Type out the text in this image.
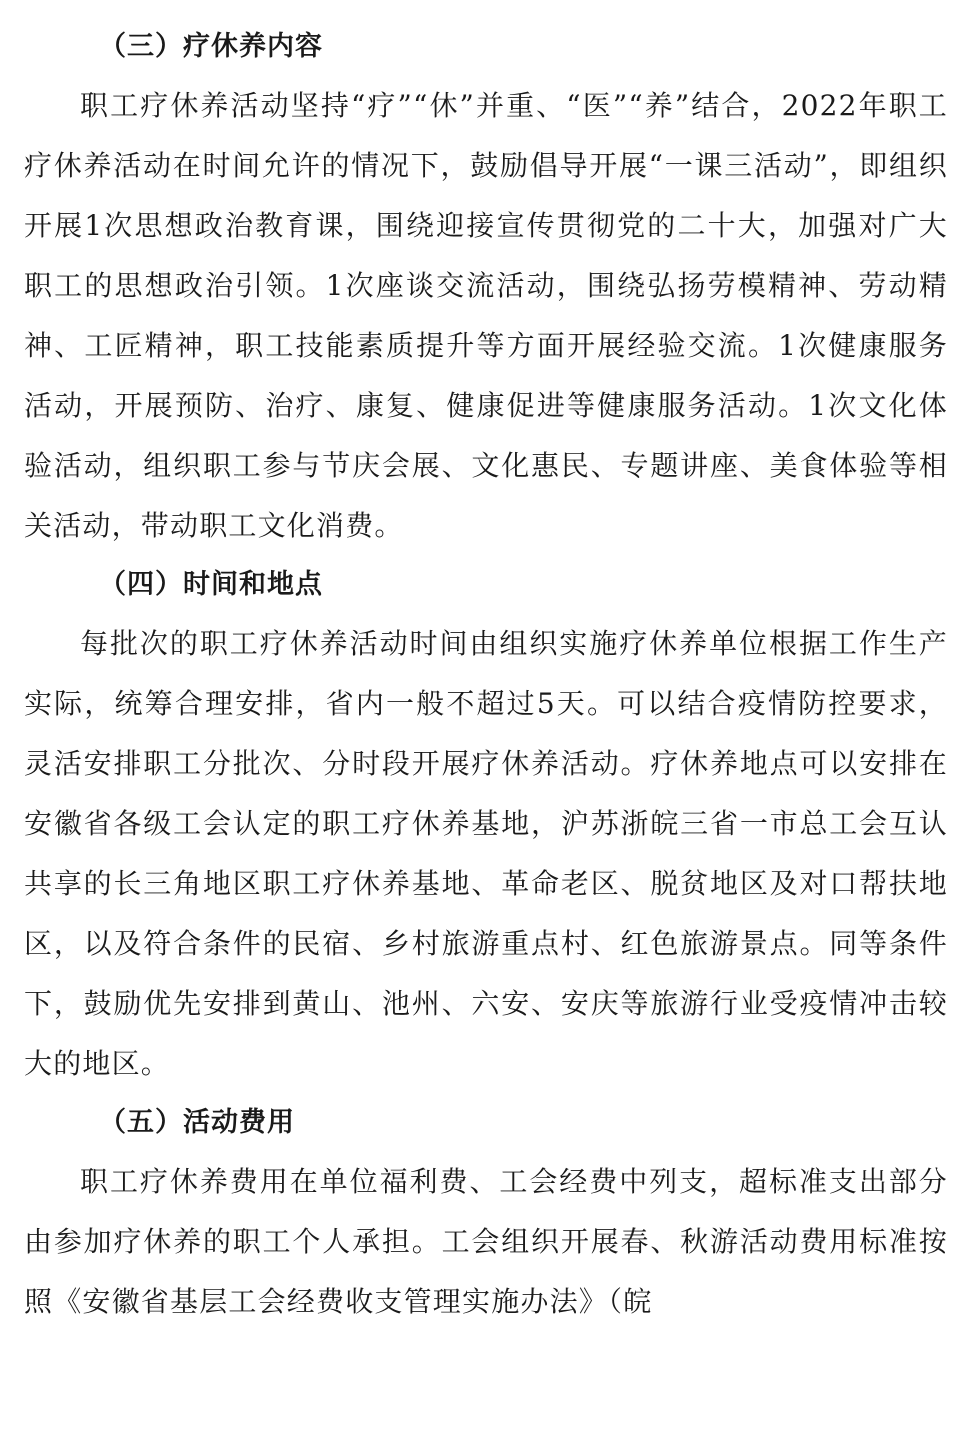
（三）疗休养内容

职工疗休养活动坚持“疗”“休”并重、“医”“养”结合，2022年职工疗休养活动在时间允许的情况下，鼓励倡导开展“一课三活动”，即组织开展1次思想政治教育课，围绕迎接宣传贯彻党的二十大，加强对广大职工的思想政治引领。1次座谈交流活动，围绕弘扬劳模精神、劳动精神、工匠精神，职工技能素质提升等方面开展经验交流。1次健康服务活动，开展预防、治疗、康复、健康促进等健康服务活动。1次文化体验活动，组织职工参与节庆会展、文化惠民、专题讲座、美食体验等相关活动，带动职工文化消费。

（四）时间和地点

每批次的职工疗休养活动时间由组织实施疗休养单位根据工作生产实际，统筹合理安排，省内一般不超过5天。可以结合疫情防控要求，灵活安排职工分批次、分时段开展疗休养活动。疗休养地点可以安排在安徽省各级工会认定的职工疗休养基地，沪苏浙皖三省一市总工会互认共享的长三角地区职工疗休养基地、革命老区、脱贫地区及对口帮扶地区，以及符合条件的民宿、乡村旅游重点村、红色旅游景点。同等条件下，鼓励优先安排到黄山、池州、六安、安庆等旅游行业受疫情冲击较大的地区。

（五）活动费用

职工疗休养费用在单位福利费、工会经费中列支，超标准支出部分由参加疗休养的职工个人承担。工会组织开展春、秋游活动费用标准按照《安徽省基层工会经费收支管理实施办法》（皖
